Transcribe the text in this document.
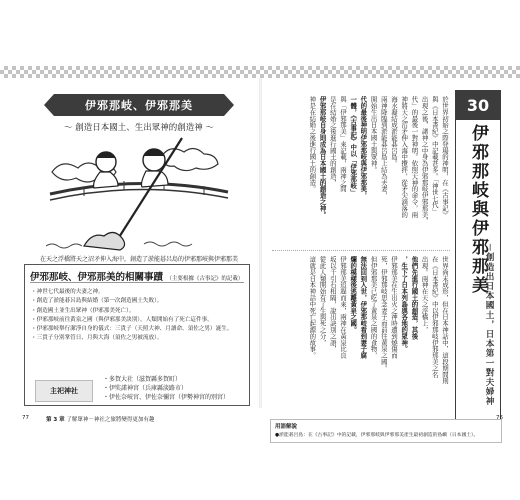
伊邪那岐、伊邪那美
～ 創造日本國土、生出眾神的創造神 ～
在天之浮橋將天之沼矛伸入海中，創造了淤能碁呂島的伊邪那岐與伊邪那美
伊邪那岐、伊邪那美的相關事蹟 （主要根據《古事記》的記載）
・ 神世七代最後的夫妻之神。
・ 創造了淤能碁呂島與結婚（第一次創造國土失敗）。
・ 創造國土並生出眾神（伊邪那美死亡）。
・ 伊邪那岐前往黃泉之國（與伊邪那美訣別）。人類開始有了死亡這件事。
・ 伊邪那岐舉行潔淨自身的儀式：三貴子（天照大神、月讀命、須佐之男）誕生。
・ 三貴子分別掌管日、月與大海（須佐之男被流放）。
主祀神社
・ 多賀大社（滋賀縣多賀町）
・ 伊奘諾神宮（兵庫縣淡路市）
・ 伊佐奈岐宮、伊佐奈彌宮（伊勢神宮的別宮）
77	第 3 章 了解眾神－神社之旅將變得更加有趣
30
伊邪那岐與伊邪那美
－創造出日本國土，日本第一對夫婦神
於世界初始之際登場的神明，在《古事記》
與《日本書紀》中記載甚多。「神世七代」
出現之後，諸神之中身為伊邪那岐伊邪那美，
代」的最後一對神明。依照天神的命令，兩
神將天之沼矛伸入海中攪拌，從矛尖滴落的
海水凝結成淤能碁呂島。
兩神降臨到淤能碁呂島上結為夫妻，
開始生出日本國土與眾神。
代的最後神明伊邪那岐與伊邪那美，
一體，《古事記》中以「伊邪那岐」
與「伊邪那美」來記載，兩神之間
是在結婚之後進行國土的創造，
伊邪那岐自身則成為日本國土的創造之神。
神是在結婚之後進行國土的創造。
世界尚未成形，但在日本神話中，這段期間則
在《日本書紀》中以伊邪那岐伊邪那美之名
出現。兩神在天之浮橋上，
他們先進行國土的創造，其後
，生下了日本列島與各地的眾神。
伊邪那美在生出火之神時遭到燒傷而
死，伊邪那岐思念妻子而前往黃泉之國。
但伊邪那美已吃了黃泉之國的食物，
無法回到人世，伊邪那岐看到妻子腐
爛的模樣後逃離黃泉之國。
伊邪那美追趕而來，兩神在黃泉比良
坂以千引石相隔，說出訣別之語，
從此人類開始有了生與死之分，
這就是日本神話中死亡起源的故事。
用語解說
●淤能碁呂島：在《古事記》中的記載，伊邪那岐與伊邪那美產生最初創造的島嶼（日本國土）。
76
